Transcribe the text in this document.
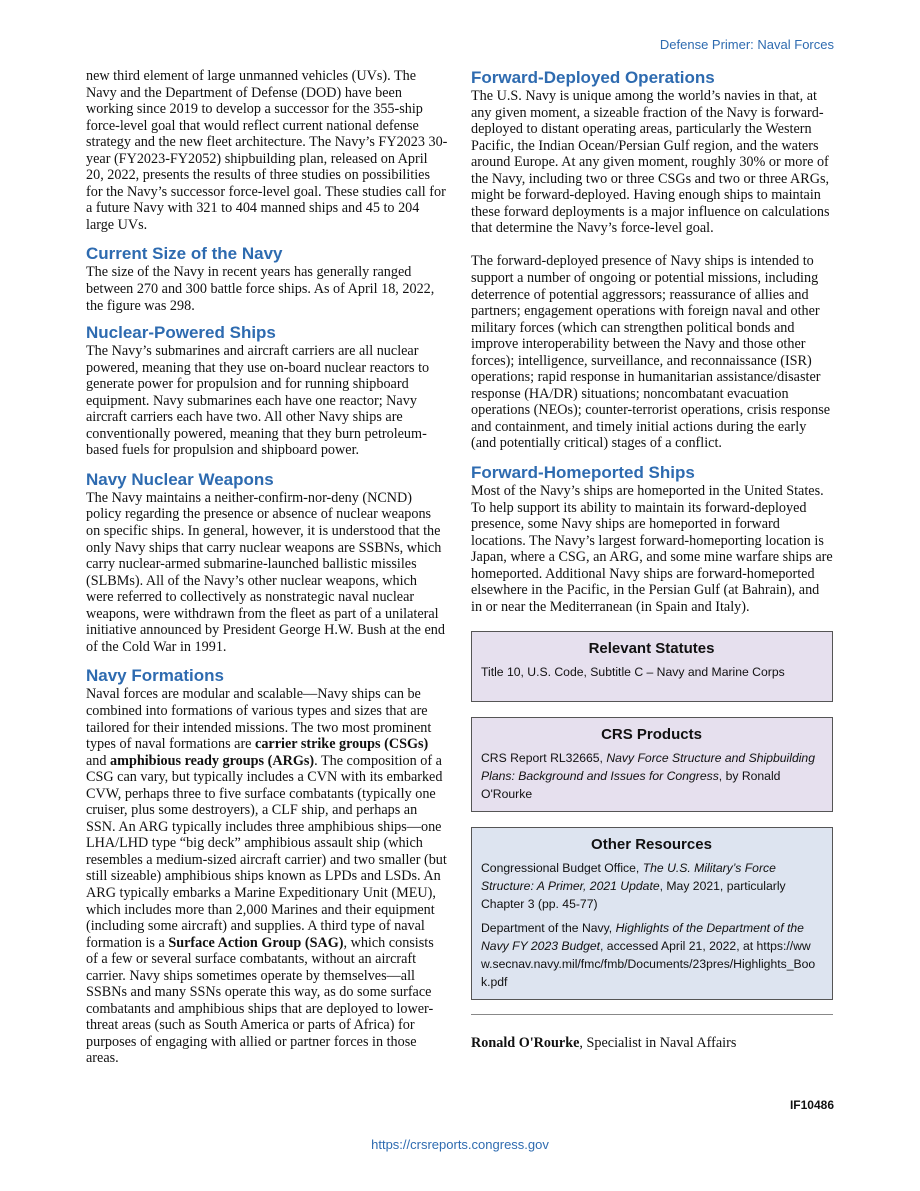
Defense Primer: Naval Forces

new third element of large unmanned vehicles (UVs). The Navy and the Department of Defense (DOD) have been working since 2019 to develop a successor for the 355-ship force-level goal that would reflect current national defense strategy and the new fleet architecture. The Navy’s FY2023 30-year (FY2023-FY2052) shipbuilding plan, released on April 20, 2022, presents the results of three studies on possibilities for the Navy’s successor force-level goal. These studies call for a future Navy with 321 to 404 manned ships and 45 to 204 large UVs.

Current Size of the Navy

The size of the Navy in recent years has generally ranged between 270 and 300 battle force ships. As of April 18, 2022, the figure was 298.

Nuclear-Powered Ships

The Navy’s submarines and aircraft carriers are all nuclear powered, meaning that they use on-board nuclear reactors to generate power for propulsion and for running shipboard equipment. Navy submarines each have one reactor; Navy aircraft carriers each have two. All other Navy ships are conventionally powered, meaning that they burn petroleum-based fuels for propulsion and shipboard power.

Navy Nuclear Weapons

The Navy maintains a neither-confirm-nor-deny (NCND) policy regarding the presence or absence of nuclear weapons on specific ships. In general, however, it is understood that the only Navy ships that carry nuclear weapons are SSBNs, which carry nuclear-armed submarine-launched ballistic missiles (SLBMs). All of the Navy’s other nuclear weapons, which were referred to collectively as nonstrategic naval nuclear weapons, were withdrawn from the fleet as part of a unilateral initiative announced by President George H.W. Bush at the end of the Cold War in 1991.

Navy Formations

Naval forces are modular and scalable—Navy ships can be combined into formations of various types and sizes that are tailored for their intended missions. The two most prominent types of naval formations are carrier strike groups (CSGs) and amphibious ready groups (ARGs). The composition of a CSG can vary, but typically includes a CVN with its embarked CVW, perhaps three to five surface combatants (typically one cruiser, plus some destroyers), a CLF ship, and perhaps an SSN. An ARG typically includes three amphibious ships—one LHA/LHD type “big deck” amphibious assault ship (which resembles a medium-sized aircraft carrier) and two smaller (but still sizeable) amphibious ships known as LPDs and LSDs. An ARG typically embarks a Marine Expeditionary Unit (MEU), which includes more than 2,000 Marines and their equipment (including some aircraft) and supplies. A third type of naval formation is a Surface Action Group (SAG), which consists of a few or several surface combatants, without an aircraft carrier. Navy ships sometimes operate by themselves—all SSBNs and many SSNs operate this way, as do some surface combatants and amphibious ships that are deployed to lower-threat areas (such as South America or parts of Africa) for purposes of engaging with allied or partner forces in those areas.

Forward-Deployed Operations

The U.S. Navy is unique among the world’s navies in that, at any given moment, a sizeable fraction of the Navy is forward-deployed to distant operating areas, particularly the Western Pacific, the Indian Ocean/Persian Gulf region, and the waters around Europe. At any given moment, roughly 30% or more of the Navy, including two or three CSGs and two or three ARGs, might be forward-deployed. Having enough ships to maintain these forward deployments is a major influence on calculations that determine the Navy’s force-level goal.

The forward-deployed presence of Navy ships is intended to support a number of ongoing or potential missions, including deterrence of potential aggressors; reassurance of allies and partners; engagement operations with foreign naval and other military forces (which can strengthen political bonds and improve interoperability between the Navy and those other forces); intelligence, surveillance, and reconnaissance (ISR) operations; rapid response in humanitarian assistance/disaster response (HA/DR) situations; noncombatant evacuation operations (NEOs); counter-terrorist operations, crisis response and containment, and timely initial actions during the early (and potentially critical) stages of a conflict.

Forward-Homeported Ships

Most of the Navy’s ships are homeported in the United States. To help support its ability to maintain its forward-deployed presence, some Navy ships are homeported in forward locations. The Navy’s largest forward-homeporting location is Japan, where a CSG, an ARG, and some mine warfare ships are homeported. Additional Navy ships are forward-homeported elsewhere in the Pacific, in the Persian Gulf (at Bahrain), and in or near the Mediterranean (in Spain and Italy).

Relevant Statutes
Title 10, U.S. Code, Subtitle C – Navy and Marine Corps
CRS Products
CRS Report RL32665, Navy Force Structure and Shipbuilding Plans: Background and Issues for Congress, by Ronald O'Rourke
Other Resources
Congressional Budget Office, The U.S. Military’s Force Structure: A Primer, 2021 Update, May 2021, particularly Chapter 3 (pp. 45-77)
Department of the Navy, Highlights of the Department of the Navy FY 2023 Budget, accessed April 21, 2022, at https://www.secnav.navy.mil/fmc/fmb/Documents/23pres/Highlights_Book.pdf
Ronald O'Rourke, Specialist in Naval Affairs
IF10486
https://crsreports.congress.gov
